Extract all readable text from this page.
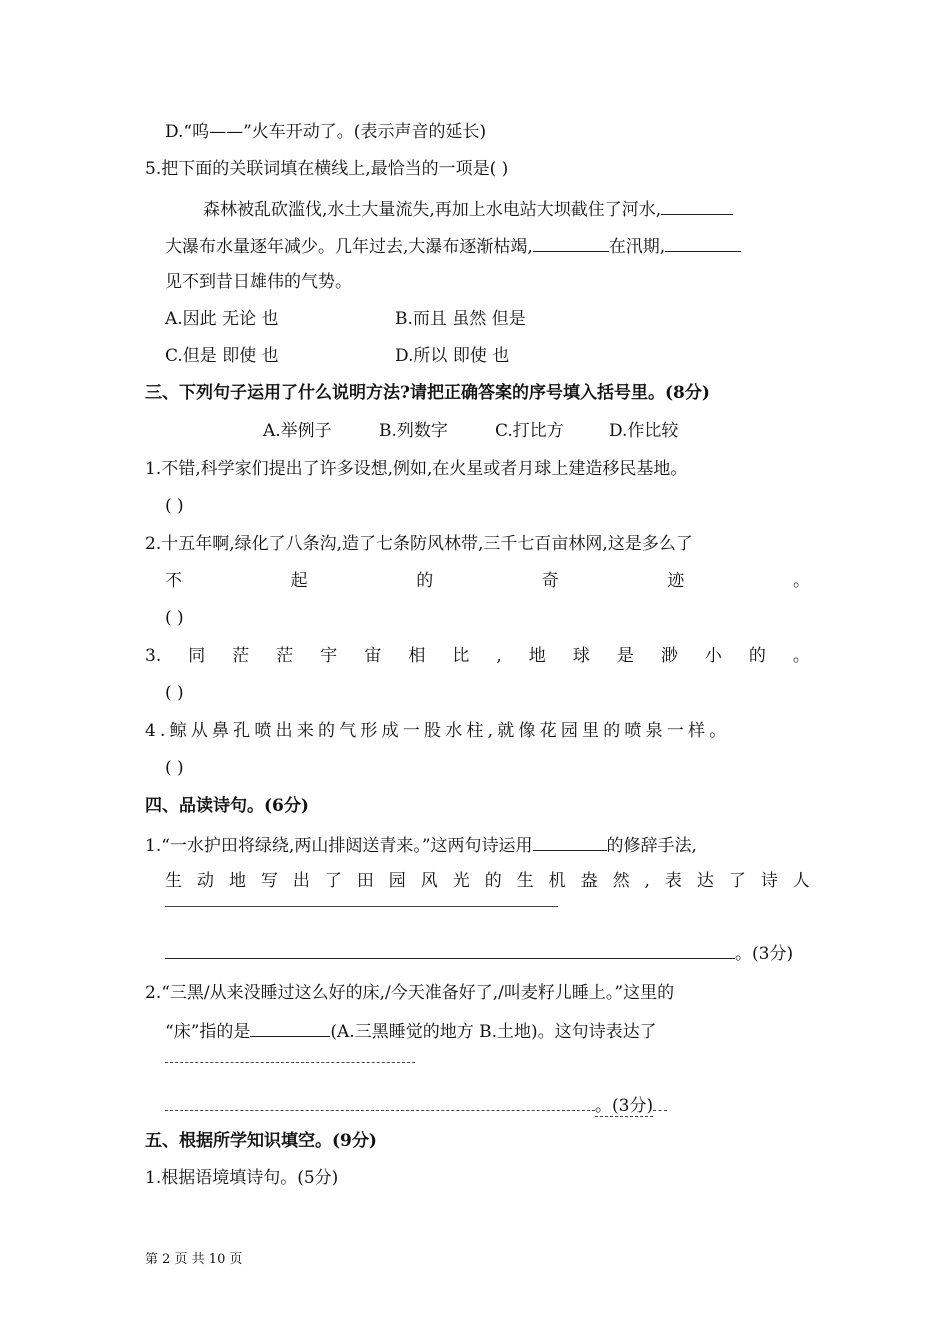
D.“呜——”火车开动了。(表示声音的延长)
5.把下面的关联词填在横线上,最恰当的一项是( )
森林被乱砍滥伐,水土大量流失,再加上水电站大坝截住了河水,
大瀑布水量逐年减少。几年过去,大瀑布逐渐枯竭,	在汛期,
见不到昔日雄伟的气势。
A.因此 无论 也	B.而且 虽然 但是
C.但是 即使 也	D.所以 即使 也
三、下列句子运用了什么说明方法?请把正确答案的序号填入括号里。(8分)
A.举例子	B.列数字	C.打比方	D.作比较
1.不错,科学家们提出了许多设想,例如,在火星或者月球上建造移民基地。
( )
2.十五年啊,绿化了八条沟,造了七条防风林带,三千七百亩林网,这是多么了
不	起	的	奇	迹	。
( )
3. 同 茫 茫 宇 宙 相 比 , 地 球 是 渺 小 的 。
( )
4.鲸从鼻孔喷出来的气形成一股水柱,就像花园里的喷泉一样。
( )
四、品读诗句。(6分)
1.“一水护田将绿绕,两山排闼送青来。”这两句诗运用	的修辞手法,
生 动 地 写 出 了 田 园 风 光 的 生 机 盎 然 , 表 达 了 诗 人
。(3分)
2.“三黑/从来没睡过这么好的床,/今天准备好了,/叫麦籽儿睡上。”这里的
“床”指的是	(A.三黑睡觉的地方 B.土地)。这句诗表达了
。(3分)
五、根据所学知识填空。(9分)
1.根据语境填诗句。(5分)
第 2 页 共 10 页
